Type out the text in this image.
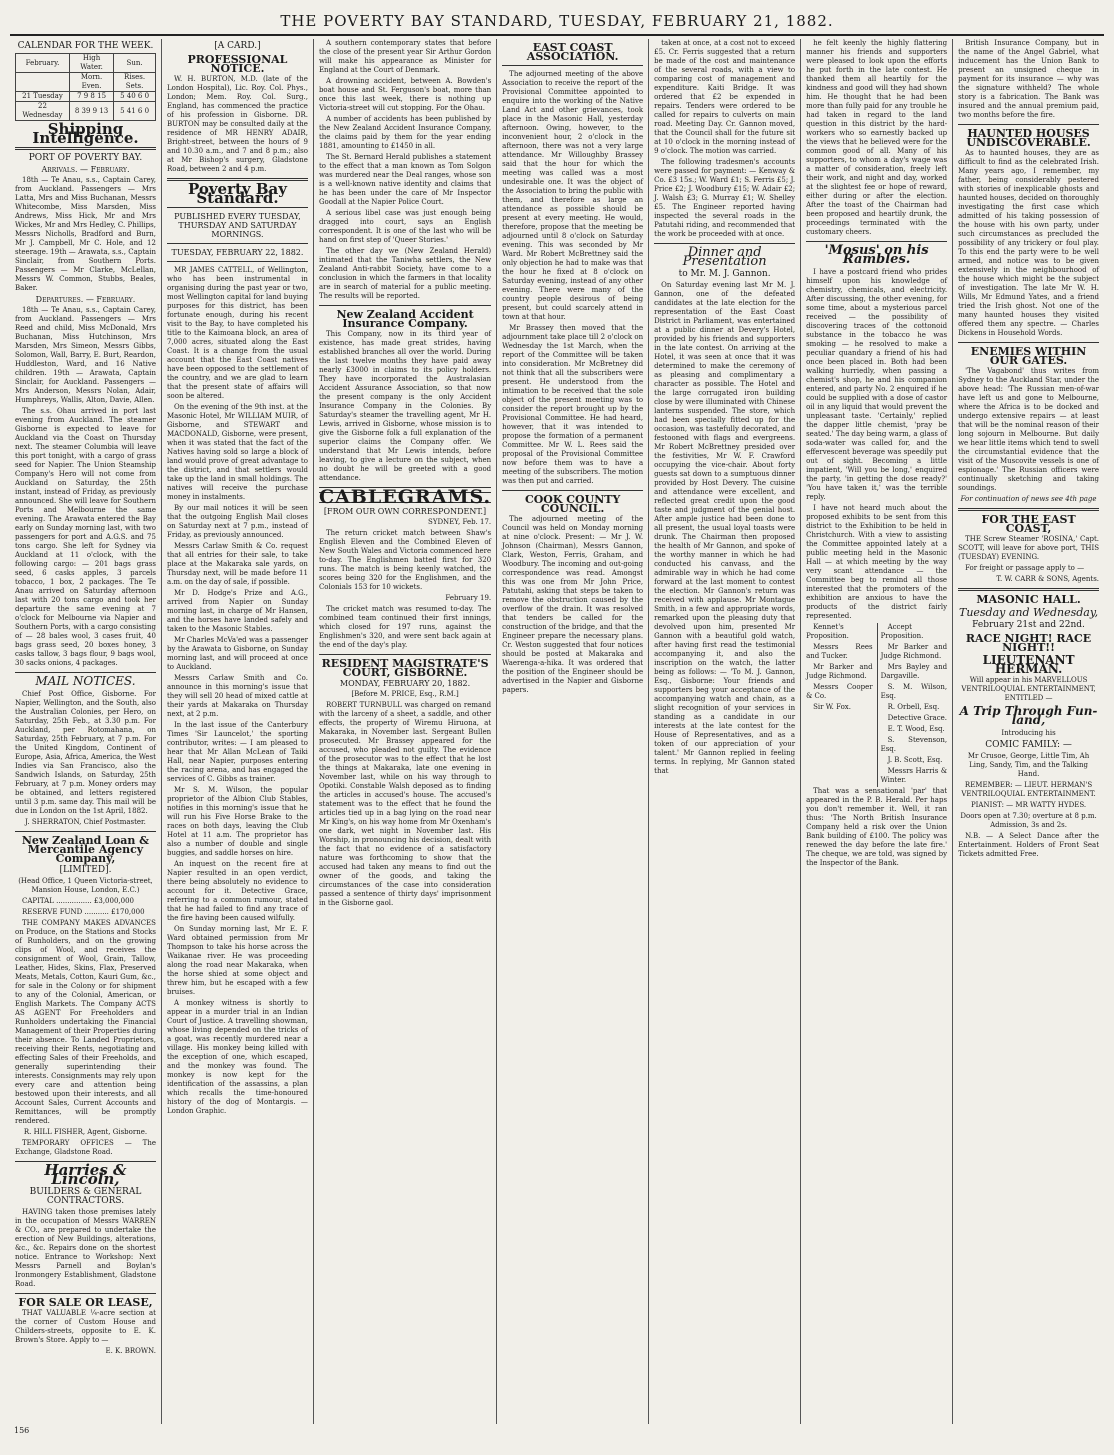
THE POVERTY BAY STANDARD, TUESDAY, FEBRUARY 21, 1882.
CALENDAR FOR THE WEEK.
February.	High Water.	Sun.
	Morn. Even.	Rises. Sets.
21 Tuesday	7 9 8 15	5 40 6 0
22 Wednesday	8 39 9 13	5 41 6 0
Shipping Intelligence.
PORT OF POVERTY BAY.
Arrivals. — February.

18th — Te Anau, s.s., Captain Carey, from Auckland. Passengers — Mrs Latta, Mrs and Miss Buchanan, Messrs Whitecombe, Miss Marsden, Miss Andrews, Miss Hick, Mr and Mrs Wickes, Mr and Mrs Hedley, C. Phillips, Messrs Nicholls, Bradford and Burn, Mr J. Campbell, Mr C. Hole, and 12 steerage. 19th — Arawata, s.s., Captain Sinclair, from Southern Ports. Passengers — Mr Clarke, McLellan, Messrs W. Common, Stubbs, Beales, Baker.

Departures. — February.

18th — Te Anau, s.s., Captain Carey, from Auckland. Passengers — Mrs Reed and child, Miss McDonald, Mrs Buchanan, Miss Hutchinson, Mrs Marsden, Mrs Simeon, Messrs Gibbs, Solomon, Wall, Barry, E. Burt, Reardon, Huddleston, Ward, and 16 Native children. 19th — Arawata, Captain Sinclair, for Auckland. Passengers — Mrs Anderson, Messrs Nolan, Adair, Humphreys, Wallis, Alton, Davie, Allen.

The s.s. Ohau arrived in port last evening from Auckland. The steamer Gisborne is expected to leave for Auckland via the Coast on Thursday next. The steamer Columbia will leave this port tonight, with a cargo of grass seed for Napier. The Union Steamship Company's Hero will not come from Auckland on Saturday, the 25th instant, instead of Friday, as previously announced. She will leave for Southern Ports and Melbourne the same evening. The Arawata entered the Bay early on Sunday morning last, with two passengers for port and A.G.S. and 75 tons cargo. She left for Sydney via Auckland at 11 o'clock, with the following cargo: — 201 bags grass seed, 6 casks apples, 3 parcels tobacco, 1 box, 2 packages. The Te Anau arrived on Saturday afternoon last with 20 tons cargo and took her departure the same evening at 7 o'clock for Melbourne via Napier and Southern Ports, with a cargo consisting of — 28 bales wool, 3 cases fruit, 40 bags grass seed, 20 boxes honey, 3 casks tallow, 3 bags flour, 9 bags wool, 30 sacks onions, 4 packages.

MAIL NOTICES.

Chief Post Office, Gisborne. For Napier, Wellington, and the South, also the Australian Colonies, per Hero, on Saturday, 25th Feb., at 3.30 p.m. For Auckland, per Rotomahana, on Saturday, 25th February, at 7 p.m. For the United Kingdom, Continent of Europe, Asia, Africa, America, the West Indies via San Francisco, also the Sandwich Islands, on Saturday, 25th February, at 7 p.m. Money orders may be obtained, and letters registered until 3 p.m. same day. This mail will be due in London on the 1st April, 1882.

J. SHERRATON, Chief Postmaster.

New Zealand Loan & Mercantile Agency Company,
[LIMITED].

(Head Office, 1 Queen Victoria-street, Mansion House, London, E.C.)

CAPITAL ................ £3,000,000

RESERVE FUND ........... £170,000

THE COMPANY MAKES ADVANCES on Produce, on the Stations and Stocks of Runholders, and on the growing clips of Wool, and receives the consignment of Wool, Grain, Tallow, Leather, Hides, Skins, Flax, Preserved Meats, Metals, Cotton, Kauri Gum, &c., for sale in the Colony or for shipment to any of the Colonial, American, or English Markets. The Company ACTS AS AGENT For Freeholders and Runholders undertaking the Financial Management of their Properties during their absence. To Landed Proprietors, receiving their Rents, negotiating and effecting Sales of their Freeholds, and generally superintending their interests. Consignments may rely upon every care and attention being bestowed upon their interests, and all Account Sales, Current Accounts and Remittances, will be promptly rendered.

R. HILL FISHER, Agent, Gisborne.

TEMPORARY OFFICES — The Exchange, Gladstone Road.

Harries & Lincoln,
BUILDERS & GENERAL CONTRACTORS.

HAVING taken those premises lately in the occupation of Messrs WARREN & CO., are prepared to undertake the erection of New Buildings, alterations, &c., &c. Repairs done on the shortest notice. Entrance to Workshop: Next Messrs Parnell and Boylan's Ironmongery Establishment, Gladstone Road.

FOR SALE OR LEASE,

THAT VALUABLE ¼-acre section at the corner of Custom House and Childers-streets, opposite to E. K. Brown's Store. Apply to —

E. K. BROWN.

[A CARD.]
PROFESSIONAL NOTICE.

W. H. BURTON, M.D. (late of the London Hospital), Lic. Roy. Col. Phys., London; Mem. Roy. Col. Surg., England, has commenced the practice of his profession in Gisborne. DR. BURTON may be consulted daily at the residence of MR HENRY ADAIR, Bright-street, between the hours of 9 and 10.30 a.m., and 7 and 8 p.m.; also at Mr Bishop's surgery, Gladstone Road, between 2 and 4 p.m.

Poverty Bay Standard.
PUBLISHED EVERY TUESDAY, THURSDAY AND SATURDAY MORNINGS.
TUESDAY, FEBRUARY 22, 1882.

MR JAMES CATTELL, of Wellington, who has been instrumental in organising during the past year or two, most Wellington capital for land buying purposes for this district, has been fortunate enough, during his recent visit to the Bay, to have completed his title to the Kaimoana block, an area of 7,000 acres, situated along the East Coast. It is a change from the usual account that the East Coast natives have been opposed to the settlement of the country, and we are glad to learn that the present state of affairs will soon be altered.

On the evening of the 9th inst. at the Masonic Hotel, Mr WILLIAM MUIR, of Gisborne, and STEWART and MACDONALD, Gisborne, were present, when it was stated that the fact of the Natives having sold so large a block of land would prove of great advantage to the district, and that settlers would take up the land in small holdings. The natives will receive the purchase money in instalments.

By our mail notices it will be seen that the outgoing English Mail closes on Saturday next at 7 p.m., instead of Friday, as previously announced.

Messrs Carlaw Smith & Co. request that all entries for their sale, to take place at the Makaraka sale yards, on Thursday next, will be made before 11 a.m. on the day of sale, if possible.

Mr D. Hodge's Prize and A.G., arrived from Napier on Sunday morning last, in charge of Mr Hansen, and the horses have landed safely and taken to the Masonic Stables.

Mr Charles McVa'ed was a passenger by the Arawata to Gisborne, on Sunday morning last, and will proceed at once to Auckland.

Messrs Carlaw Smith and Co. announce in this morning's issue that they will sell 20 head of mixed cattle at their yards at Makaraka on Thursday next, at 2 p.m.

In the last issue of the Canterbury Times 'Sir Launcelot,' the sporting contributor, writes: — I am pleased to hear that Mr Allan McLean of Taiki Hall, near Napier, purposes entering the racing arena, and has engaged the services of C. Gibbs as trainer.

Mr S. M. Wilson, the popular proprietor of the Albion Club Stables, notifies in this morning's issue that he will run his Five Horse Brake to the races on both days, leaving the Club Hotel at 11 a.m. The proprietor has also a number of double and single buggies, and saddle horses on hire.

An inquest on the recent fire at Napier resulted in an open verdict, there being absolutely no evidence to account for it. Detective Grace, referring to a common rumour, stated that he had failed to find any trace of the fire having been caused wilfully.

On Sunday morning last, Mr E. F. Ward obtained permission from Mr Thompson to take his horse across the Waikanae river. He was proceeding along the road near Makaraka, when the horse shied at some object and threw him, but he escaped with a few bruises.

A monkey witness is shortly to appear in a murder trial in an Indian Court of Justice. A travelling showman, whose living depended on the tricks of a goat, was recently murdered near a village. His monkey being killed with the exception of one, which escaped, and the monkey was found. The monkey is now kept for the identification of the assassins, a plan which recalls the time-honoured history of the dog of Montargis. — London Graphic.

A southern contemporary states that before the close of the present year Sir Arthur Gordon will make his appearance as Minister for England at the Court of Denmark.

A drowning accident, between A. Bowden's boat house and St. Ferguson's boat, more than once this last week, there is nothing up Victoria-street will cut stopping. For the Ohau.

A number of accidents has been published by the New Zealand Accident Insurance Company, the claims paid by them for the year ending 1881, amounting to £1450 in all.

The St. Bernard Herald publishes a statement to the effect that a man known as Tom Solgon was murdered near the Deal ranges, whose son is a well-known native identity and claims that he has been under the care of Mr Inspector Goodall at the Napier Police Court.

A serious libel case was just enough being dragged into court, says an English correspondent. It is one of the last who will be hand on first step of 'Queer Stories.'

The other day we (New Zealand Herald) intimated that the Taniwha settlers, the New Zealand Anti-rabbit Society, have come to a conclusion in which the farmers in that locality are in search of material for a public meeting. The results will be reported.

New Zealand Accident Insurance Company.

This Company, now in its third year of existence, has made great strides, having established branches all over the world. During the last twelve months they have paid away nearly £3000 in claims to its policy holders. They have incorporated the Australasian Accident Assurance Association, so that now the present company is the only Accident Insurance Company in the Colonies. By Saturday's steamer the travelling agent, Mr H. Lewis, arrived in Gisborne, whose mission is to give the Gisborne folk a full explanation of the superior claims the Company offer. We understand that Mr Lewis intends, before leaving, to give a lecture on the subject, when no doubt he will be greeted with a good attendance.

CABLEGRAMS.
[FROM OUR OWN CORRESPONDENT.]

SYDNEY, Feb. 17.

The return cricket match between Shaw's English Eleven and the Combined Eleven of New South Wales and Victoria commenced here to-day. The Englishmen batted first for 320 runs. The match is being keenly watched, the scores being 320 for the Englishmen, and the Colonials 153 for 10 wickets.

February 19.

The cricket match was resumed to-day. The combined team continued their first innings, which closed for 197 runs, against the Englishmen's 320, and were sent back again at the end of the day's play.

RESIDENT MAGISTRATE'S COURT, GISBORNE.
MONDAY, FEBRUARY 20, 1882.

[Before M. PRICE, Esq., R.M.]

ROBERT TURNBULL was charged on remand with the larceny of a sheet, a saddle, and other effects, the property of Wiremu Hiruona, at Makaraka, in November last. Sergeant Bullen prosecuted. Mr Brassey appeared for the accused, who pleaded not guilty. The evidence of the prosecutor was to the effect that he lost the things at Makaraka, late one evening in November last, while on his way through to Opotiki. Constable Walsh deposed as to finding the articles in accused's house. The accused's statement was to the effect that he found the articles tied up in a bag lying on the road near Mr King's, on his way home from Mr Oxenham's one dark, wet night in November last. His Worship, in pronouncing his decision, dealt with the fact that no evidence of a satisfactory nature was forthcoming to show that the accused had taken any means to find out the owner of the goods, and taking the circumstances of the case into consideration passed a sentence of thirty days' imprisonment in the Gisborne gaol.

EAST COAST ASSOCIATION.

The adjourned meeting of the above Association to receive the report of the Provisional Committee appointed to enquire into the working of the Native Land Act and other grievances, took place in the Masonic Hall, yesterday afternoon. Owing, however, to the inconvenient hour, 2 o'clock in the afternoon, there was not a very large attendance. Mr Willoughby Brassey said that the hour for which the meeting was called was a most undesirable one. It was the object of the Association to bring the public with them, and therefore as large an attendance as possible should be present at every meeting. He would, therefore, propose that the meeting be adjourned until 8 o'clock on Saturday evening. This was seconded by Mr Ward. Mr Robert McBrettney said the only objection he had to make was that the hour he fixed at 8 o'clock on Saturday evening, instead of any other evening. There were many of the country people desirous of being present, but could scarcely attend in town at that hour.

Mr Brassey then moved that the adjournment take place till 2 o'clock on Wednesday the 1st March, when the report of the Committee will be taken into consideration. Mr McBretney did not think that all the subscribers were present. He understood from the intimation to be received that the sole object of the present meeting was to consider the report brought up by the Provisional Committee. He had heard, however, that it was intended to propose the formation of a permanent Committee. Mr W. L. Rees said the proposal of the Provisional Committee now before them was to have a meeting of the subscribers. The motion was then put and carried.

COOK COUNTY COUNCIL.

The adjourned meeting of the Council was held on Monday morning at nine o'clock. Present: — Mr J. W. Johnson (Chairman), Messrs Gannon, Clark, Weston, Ferris, Graham, and Woodbury. The incoming and out-going correspondence was read. Amongst this was one from Mr John Price, Patutahi, asking that steps be taken to remove the obstruction caused by the overflow of the drain. It was resolved that tenders be called for the construction of the bridge, and that the Engineer prepare the necessary plans. Cr. Weston suggested that four notices should be posted at Makaraka and Waerenga-a-hika. It was ordered that the position of the Engineer should be advertised in the Napier and Gisborne papers.

taken at once, at a cost not to exceed £5. Cr. Ferris suggested that a return be made of the cost and maintenance of the several roads, with a view to comparing cost of management and expenditure. Kaiti Bridge. It was ordered that £2 be expended in repairs. Tenders were ordered to be called for repairs to culverts on main road. Meeting Day. Cr. Gannon moved, that the Council shall for the future sit at 10 o'clock in the morning instead of 9 o'clock. The motion was carried.

The following tradesmen's accounts were passed for payment: — Kenway & Co. £3 15s.; W. Ward £1; S. Ferris £5; J. Price £2; J. Woodbury £15; W. Adair £2; J. Walsh £3; G. Murray £1; W. Shelley £5. The Engineer reported having inspected the several roads in the Patutahi riding, and recommended that the work be proceeded with at once.

Dinner and Presentation
to Mr. M. J. Gannon.

On Saturday evening last Mr M. J. Gannon, one of the defeated candidates at the late election for the representation of the East Coast District in Parliament, was entertained at a public dinner at Devery's Hotel, provided by his friends and supporters in the late contest. On arriving at the Hotel, it was seen at once that it was determined to make the ceremony of as pleasing and complimentary a character as possible. The Hotel and the large corrugated iron building close by were illuminated with Chinese lanterns suspended. The store, which had been specially fitted up for the occasion, was tastefully decorated, and festooned with flags and evergreens. Mr Robert McBrettney presided over the festivities, Mr W. F. Crawford occupying the vice-chair. About forty guests sat down to a sumptuous dinner provided by Host Devery. The cuisine and attendance were excellent, and reflected great credit upon the good taste and judgment of the genial host. After ample justice had been done to all present, the usual loyal toasts were drunk. The Chairman then proposed the health of Mr Gannon, and spoke of the worthy manner in which he had conducted his canvass, and the admirable way in which he had come forward at the last moment to contest the election. Mr Gannon's return was received with applause. Mr Montague Smith, in a few and appropriate words, remarked upon the pleasing duty that devolved upon him, presented Mr Gannon with a beautiful gold watch, after having first read the testimonial accompanying it, and also the inscription on the watch, the latter being as follows: — 'To M. J. Gannon, Esq., Gisborne: Your friends and supporters beg your acceptance of the accompanying watch and chain, as a slight recognition of your services in standing as a candidate in our interests at the late contest for the House of Representatives, and as a token of our appreciation of your talent.' Mr Gannon replied in feeling terms. In replying, Mr Gannon stated that

he felt keenly the highly flattering manner his friends and supporters were pleased to look upon the efforts he put forth in the late contest. He thanked them all heartily for the kindness and good will they had shown him. He thought that he had been more than fully paid for any trouble he had taken in regard to the land question in this district by the hard-workers who so earnestly backed up the views that he believed were for the common good of all. Many of his supporters, to whom a day's wage was a matter of consideration, freely left their work, and night and day, worked at the slightest fee or hope of reward, either during or after the election. After the toast of the Chairman had been proposed and heartily drunk, the proceedings terminated with the customary cheers.

'Mosus' on his Rambles.

I have a postcard friend who prides himself upon his knowledge of chemistry, chemicals, and electricity. After discussing, the other evening, for some time, about a mysterious parcel received — the possibility of discovering traces of the cottonoid substance in the tobacco he was smoking — he resolved to make a peculiar quandary a friend of his had once been placed in. Both had been walking hurriedly, when passing a chemist's shop, he and his companion entered, and party No. 2 enquired if he could be supplied with a dose of castor oil in any liquid that would prevent the unpleasant taste. 'Certainly,' replied the dapper little chemist, 'pray be seated.' The day being warm, a glass of soda-water was called for, and the effervescent beverage was speedily put out of sight. Becoming a little impatient, 'Will you be long,' enquired the party, 'in getting the dose ready?' 'You have taken it,' was the terrible reply.

I have not heard much about the proposed exhibits to be sent from this district to the Exhibition to be held in Christchurch. With a view to assisting the Committee appointed lately at a public meeting held in the Masonic Hall — at which meeting by the way very scant attendance — the Committee beg to remind all those interested that the promoters of the exhibition are anxious to have the products of the district fairly represented.

Kennet's Proposition.

Messrs Rees and Tucker.

Mr Barker and Judge Richmond.

Messrs Cooper & Co.

Sir W. Fox.

Accept Proposition.

Mr Barker and Judge Richmond.

Mrs Bayley and Dargaville.

S. M. Wilson, Esq.

R. Orbell, Esq.

Detective Grace.

E. T. Wood, Esq.

S. Stevenson, Esq.

J. B. Scott, Esq.

Messrs Harris & Winter.

That was a sensational 'par' that appeared in the P. B. Herald. Per haps you don't remember it. Well, it ran thus: 'The North British Insurance Company held a risk over the Union Bank building of £100. The policy was renewed the day before the late fire.' The cheque, we are told, was signed by the Inspector of the Bank.

British Insurance Company, but in the name of the Angel Gabriel, what inducement has the Union Bank to present an unsigned cheque in payment for its insurance — why was the signature withheld? The whole story is a fabrication. The Bank was insured and the annual premium paid, two months before the fire.

HAUNTED HOUSES UNDISCOVERABLE.

As to haunted houses, they are as difficult to find as the celebrated Irish. Many years ago, I remember, my father, being considerably pestered with stories of inexplicable ghosts and haunted houses, decided on thoroughly investigating the first case which admitted of his taking possession of the house with his own party, under such circumstances as precluded the possibility of any trickery or foul play. To this end the party were to be well armed, and notice was to be given extensively in the neighbourhood of the house which might be the subject of investigation. The late Mr W. H. Wills, Mr Edmund Yates, and a friend tried the Irish ghost. Not one of the many haunted houses they visited offered them any spectre. — Charles Dickens in Household Words.

ENEMIES WITHIN OUR GATES.

'The Vagabond' thus writes from Sydney to the Auckland Star, under the above head: 'The Russian men-of-war have left us and gone to Melbourne, where the Africa is to be docked and undergo extensive repairs — at least that will be the nominal reason of their long sojourn in Melbourne. But daily we hear little items which tend to swell the circumstantial evidence that the visit of the Muscovite vessels is one of espionage.' The Russian officers were continually sketching and taking soundings.

For continuation of news see 4th page

FOR THE EAST COAST,

THE Screw Steamer 'ROSINA,' Capt. SCOTT, will leave for above port, THIS (TUESDAY) EVENING.

For freight or passage apply to —

T. W. CARR & SONS, Agents.

MASONIC HALL.
Tuesday and Wednesday,
February 21st and 22nd.
RACE NIGHT! RACE NIGHT!!
LIEUTENANT HERMAN.

Will appear in his MARVELLOUS VENTRILOQUIAL ENTERTAINMENT, ENTITLED —

A Trip Through Fun-land,

Introducing his

COMIC FAMILY: —

Mr Crusoe, George, Little Tim, Ah Ling, Sandy, Tim, and the Talking Hand.

REMEMBER: — LIEUT. HERMAN'S VENTRILOQUIAL ENTERTAINMENT.

PIANIST: — MR WATTY HYDES.

Doors open at 7.30; overture at 8 p.m. Admission, 3s and 2s.

N.B. — A Select Dance after the Entertainment. Holders of Front Seat Tickets admitted Free.

156
